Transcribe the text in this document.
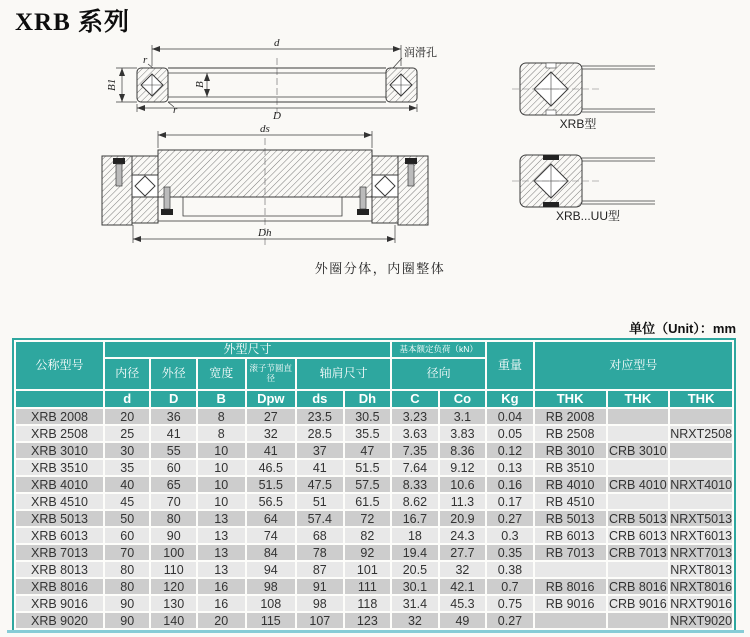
XRB 系列
d
D
B
B1
r
r
润滑孔
ds
Dh
外圈分体，内圈整体
XRB型
XRB...UU型
单位（Unit）：mm
公称型号	外型尺寸						基本额定负荷（kN）		重量	对应型号		
	内径	外径	宽度	滚子节圆直径	轴肩尺寸		径向					
	d	D	B	Dpw	ds	Dh	C	Co	Kg	THK	THK	THK
XRB 2008	20	36	8	27	23.5	30.5	3.23	3.1	0.04	RB 2008		
XRB 2508	25	41	8	32	28.5	35.5	3.63	3.83	0.05	RB 2508		NRXT2508
XRB 3010	30	55	10	41	37	47	7.35	8.36	0.12	RB 3010	CRB 3010	
XRB 3510	35	60	10	46.5	41	51.5	7.64	9.12	0.13	RB 3510		
XRB 4010	40	65	10	51.5	47.5	57.5	8.33	10.6	0.16	RB 4010	CRB 4010	NRXT4010
XRB 4510	45	70	10	56.5	51	61.5	8.62	11.3	0.17	RB 4510		
XRB 5013	50	80	13	64	57.4	72	16.7	20.9	0.27	RB 5013	CRB 5013	NRXT5013
XRB 6013	60	90	13	74	68	82	18	24.3	0.3	RB 6013	CRB 6013	NRXT6013
XRB 7013	70	100	13	84	78	92	19.4	27.7	0.35	RB 7013	CRB 7013	NRXT7013
XRB 8013	80	110	13	94	87	101	20.5	32	0.38			NRXT8013
XRB 8016	80	120	16	98	91	111	30.1	42.1	0.7	RB 8016	CRB 8016	NRXT8016
XRB 9016	90	130	16	108	98	118	31.4	45.3	0.75	RB 9016	CRB 9016	NRXT9016
XRB 9020	90	140	20	115	107	123	32	49	0.27			NRXT9020
